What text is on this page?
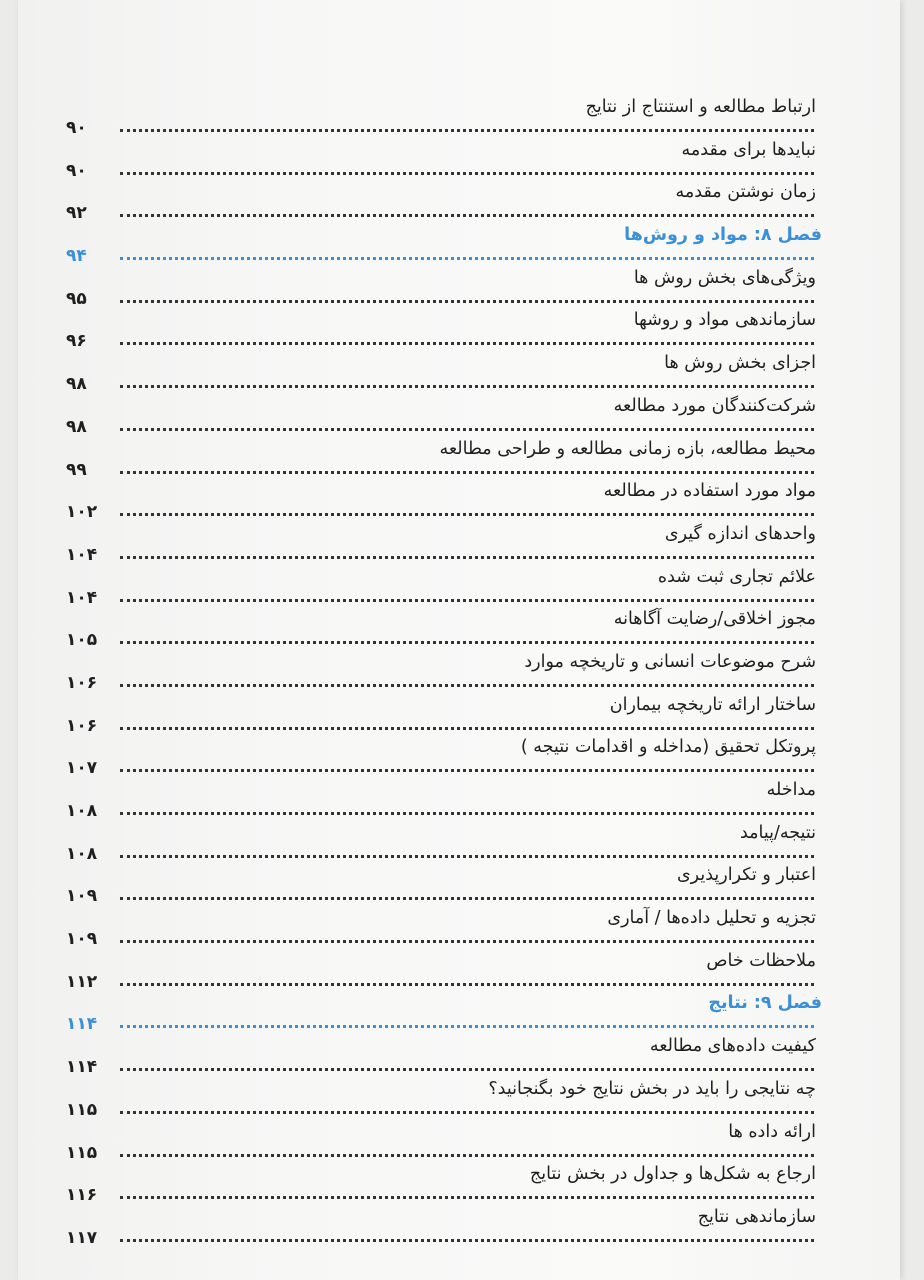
ارتباط مطالعه و استنتاج از نتایج
۹۰
نبایدها برای مقدمه
۹۰
زمان نوشتن مقدمه
۹۲
فصل ۸: مواد و روش‌ها
۹۴
ویژگی‌های بخش روش ها
۹۵
سازماندهی مواد و روشها
۹۶
اجزای بخش روش ها
۹۸
شرکت‌کنندگان مورد مطالعه
۹۸
محیط مطالعه، بازه زمانی مطالعه و طراحی مطالعه
۹۹
مواد مورد استفاده در مطالعه
۱۰۲
واحدهای اندازه گیری
۱۰۴
علائم تجاری ثبت شده
۱۰۴
مجوز اخلاقی/رضایت آگاهانه
۱۰۵
شرح موضوعات انسانی و تاریخچه موارد
۱۰۶
ساختار ارائه تاریخچه بیماران
۱۰۶
پروتکل تحقیق (مداخله و اقدامات نتیجه )
۱۰۷
مداخله
۱۰۸
نتیجه/پیامد
۱۰۸
اعتبار و تکرارپذیری
۱۰۹
تجزیه و تحلیل داده‌ها / آماری
۱۰۹
ملاحظات خاص
۱۱۲
فصل ۹: نتایج
۱۱۴
کیفیت داده‌های مطالعه
۱۱۴
چه نتایجی را باید در بخش نتایج خود بگنجانید؟
۱۱۵
ارائه داده ها
۱۱۵
ارجاع به شکل‌ها و جداول در بخش نتایج
۱۱۶
سازماندهی نتایج
۱۱۷
